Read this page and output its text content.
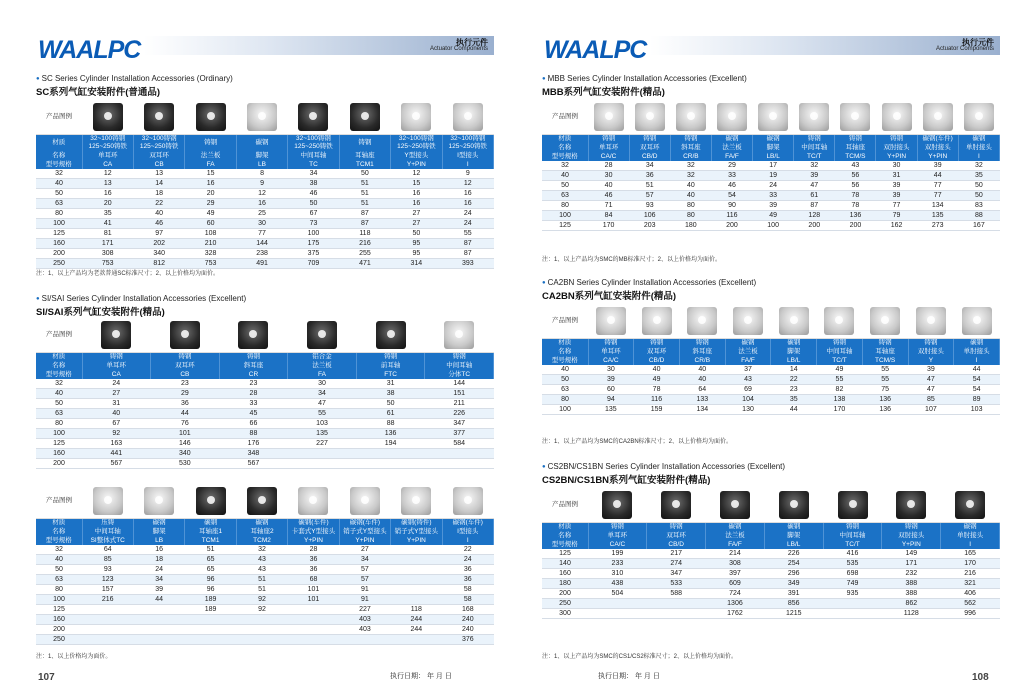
WAALPC	执行元件
Actuator Components
● SC Series Cylinder Installation Accessories (Ordinary)
SC系列气缸安装附件(普通品)
产品图例								
材质	32~100铸钢 125~250铸铁	32~100铸钢 125~250铸铁	铸钢	碳钢	32~100铸钢 125~250铸铁	铸钢	32~100铸钢 125~250铸铁	32~100铸钢 125~250铸铁

名称	单耳环	双耳环	法兰板	脚架	中间耳轴	耳轴座	Y型接头	I型接头
型号规格	CA	CB	FA	LB	TC	TCM1	Y+PIN	I
32	12	13	15	8	34	50	12	9
40	13	14	16	9	38	51	15	12
50	16	18	20	12	46	51	16	16
63	20	22	29	16	50	51	16	16
80	35	40	49	25	67	87	27	24
100	41	46	60	30	73	87	27	24
125	81	97	108	77	100	118	50	55
160	171	202	210	144	175	216	95	87
200	308	340	328	238	375	255	95	87
250	753	812	753	491	709	471	314	393
注：1、以上产品均为老款普通SC标准尺寸；2、以上价格均为面价。
● SI/SAI Series Cylinder Installation Accessories (Excellent)
SI/SAI系列气缸安装附件(精品)
产品图例						
材质	铸钢	铸钢	铸钢	铝合金	铸钢	铸钢

名称	单耳环	双耳环	斜耳座	法兰板	前耳轴	中间耳轴
型号规格	CA	CB	CR	FA	FTC	分体TC
32	24	23	23	30	31	144
40	27	29	28	34	38	151
50	31	36	33	47	50	211
63	40	44	45	55	61	226
80	67	76	66	103	88	347
100	92	101	88	135	136	377
125	163	146	176	227	194	584
160	441	340	348			
200	567	530	567			
产品图例								
材质	压铸	碳钢	碳钢	碳钢	碳钢(车件)	碳钢(车件)	碳钢(铸件)	碳钢(车件)

名称	中间耳轴	脚架	耳轴座1	耳轴座2	卡套式Y型接头	销子式Y型接头	销子式Y型接头	I型接头
型号规格	SI整体式TC	LB	TCM1	TCM2	Y+PIN	Y+PIN	Y+PIN	I
32	64	16	51	32	28	27		22
40	85	18	65	43	36	34		24
50	93	24	65	43	36	57		36
63	123	34	96	51	68	57		36
80	157	39	96	51	101	91		58
100	216	44	189	92	101	91		58
125			189	92		227	118	168
160						403	244	240
200						403	244	240
250								376
注：1、以上价格均为面价。
107	执行日期： 年 月 日
WAALPC	执行元件
Actuator Components
● MBB Series Cylinder Installation Accessories (Excellent)
MBB系列气缸安装附件(精品)
产品图例										
材质	铸钢	铸钢	铸钢	碳钢	碳钢	铸钢	铸钢	铸钢	碳钢(车件)	碳钢

名称	单耳环	双耳环	斜耳座	法兰板	脚架	中间耳轴	耳轴座	双肘接头	双肘接头	单肘接头
型号规格	CA/C	CB/D	CR/B	FA/F	LB/L	TC/T	TCM/S	Y+PIN	Y+PIN	I
32	28	34	32	29	17	32	43	30	39	32
40	30	36	32	33	19	39	56	31	44	35
50	40	51	40	46	24	47	56	39	77	50
63	46	57	40	54	33	61	78	39	77	50
80	71	93	80	90	39	87	78	77	134	83
100	84	106	80	116	49	128	136	79	135	88
125	170	203	180	200	100	200	200	162	273	167
注：1、以上产品均为SMC的MB标准尺寸；2、以上价格均为面价。
● CA2BN Series Cylinder Installation Accessories (Excellent)
CA2BN系列气缸安装附件(精品)
产品图例									
材质	铸钢	铸钢	铸钢	碳钢	碳钢	铸钢	铸钢	铸钢	碳钢

名称	单耳环	双耳环	斜耳座	法兰板	脚架	中间耳轴	耳轴座	双肘接头	单肘接头
型号规格	CA/C	CB/D	CR/B	FA/F	LB/L	TC/T	TCM/S	Y	I
40	30	40	40	37	14	49	55	39	44
50	39	49	40	43	22	55	55	47	54
63	60	78	64	69	23	82	75	47	54
80	94	116	133	104	35	138	136	85	89
100	135	159	134	130	44	170	136	107	103
注：1、以上产品均为SMC的CA2BN标准尺寸；2、以上价格均为面价。
● CS2BN/CS1BN Series Cylinder Installation Accessories (Excellent)
CS2BN/CS1BN系列气缸安装附件(精品)
产品图例							
材质	铸钢	铸钢	碳钢	碳钢	铸钢	铸钢	碳钢

名称	单耳环	双耳环	法兰板	脚架	中间耳轴	双肘接头	单肘接头
型号规格	CA/C	CB/D	FA/F	LB/L	TC/T	Y+PIN	I
125	199	217	214	226	416	149	165
140	233	274	308	254	535	171	170
160	310	347	397	296	698	232	216
180	438	533	609	349	749	388	321
200	504	588	724	391	935	388	406
250			1306	856		862	562
300			1762	1215		1128	996
注：1、以上产品均为SMC的CS1/CS2标准尺寸；2、以上价格均为面价。
执行日期： 年 月 日	108
